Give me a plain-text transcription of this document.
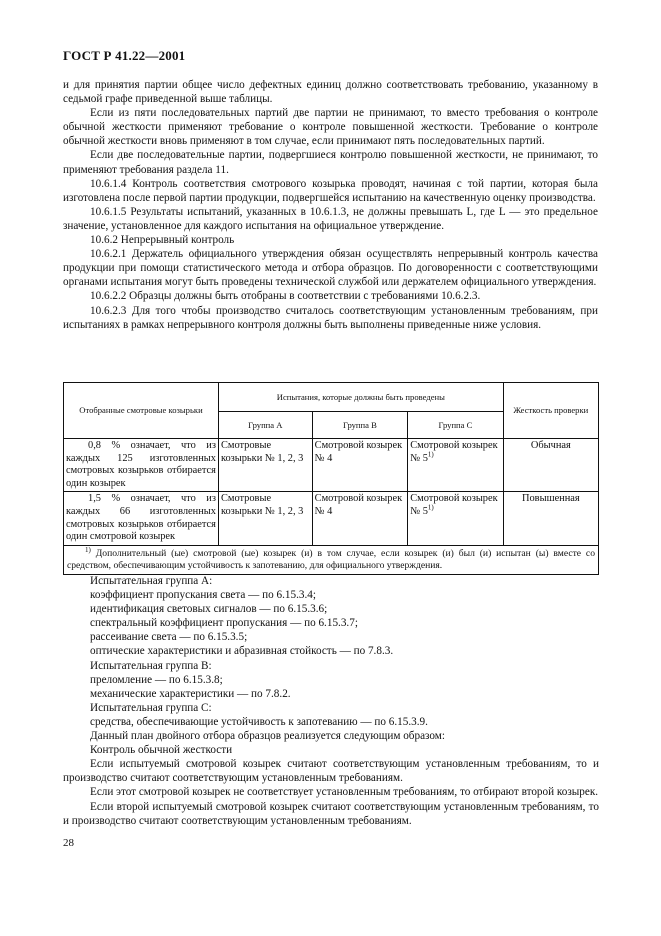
ГОСТ Р 41.22—2001

и для принятия партии общее число дефектных единиц должно соответствовать требованию, указанному в седьмой графе приведенной выше таблицы.

Если из пяти последовательных партий две партии не принимают, то вместо требования о контроле обычной жесткости применяют требование о контроле повышенной жесткости. Требование о контроле обычной жесткости вновь применяют в том случае, если принимают пять последовательных партий.

Если две последовательные партии, подвергшиеся контролю повышенной жесткости, не принимают, то применяют требования раздела 11.

10.6.1.4 Контроль соответствия смотрового козырька проводят, начиная с той партии, которая была изготовлена после первой партии продукции, подвергшейся испытанию на качественную оценку производства.

10.6.1.5 Результаты испытаний, указанных в 10.6.1.3, не должны превышать L, где L — это предельное значение, установленное для каждого испытания на официальное утверждение.

10.6.2 Непрерывный контроль

10.6.2.1 Держатель официального утверждения обязан осуществлять непрерывный контроль качества продукции при помощи статистического метода и отбора образцов. По договоренности с соответствующими органами испытания могут быть проведены технической службой или держателем официального утверждения.

10.6.2.2 Образцы должны быть отобраны в соответствии с требованиями 10.6.2.3.

10.6.2.3 Для того чтобы производство считалось соответствующим установленным требованиям, при испытаниях в рамках непрерывного контроля должны быть выполнены приведенные ниже условия.

Отобранные смотровые козырьки	Испытания, которые должны быть проведены			Жесткость проверки
	Группа А	Группа В	Группа С	
0,8 % означает, что из каждых 125 изготовленных смотровых козырьков отбирается один козырек	Смотровые козырьки № 1, 2, 3	Смотровой козырек № 4	Смотровой козырек № 5$^{1)}$	Обычная
1,5 % означает, что из каждых 66 изготовленных смотровых козырьков отбирается один смотровой козырек	Смотровые козырьки № 1, 2, 3	Смотровой козырек № 4	Смотровой козырек № 5$^{1)}$	Повышенная
$^{1)}$ Дополнительный (ые) смотровой (ые) козырек (и) в том случае, если козырек (и) был (и) испытан (ы) вместе со средством, обеспечивающим устойчивость к запотеванию, для официального утверждения.				

Испытательная группа А:

коэффициент пропускания света — по 6.15.3.4;

идентификация световых сигналов — по 6.15.3.6;

спектральный коэффициент пропускания — по 6.15.3.7;

рассеивание света — по 6.15.3.5;

оптические характеристики и абразивная стойкость — по 7.8.3.

Испытательная группа В:

преломление — по 6.15.3.8;

механические характеристики — по 7.8.2.

Испытательная группа С:

средства, обеспечивающие устойчивость к запотеванию — по 6.15.3.9.

Данный план двойного отбора образцов реализуется следующим образом:

Контроль обычной жесткости

Если испытуемый смотровой козырек считают соответствующим установленным требованиям, то и производство считают соответствующим установленным требованиям.

Если этот смотровой козырек не соответствует установленным требованиям, то отбирают второй козырек.

Если второй испытуемый смотровой козырек считают соответствующим установленным требованиям, то и производство считают соответствующим установленным требованиям.

28
